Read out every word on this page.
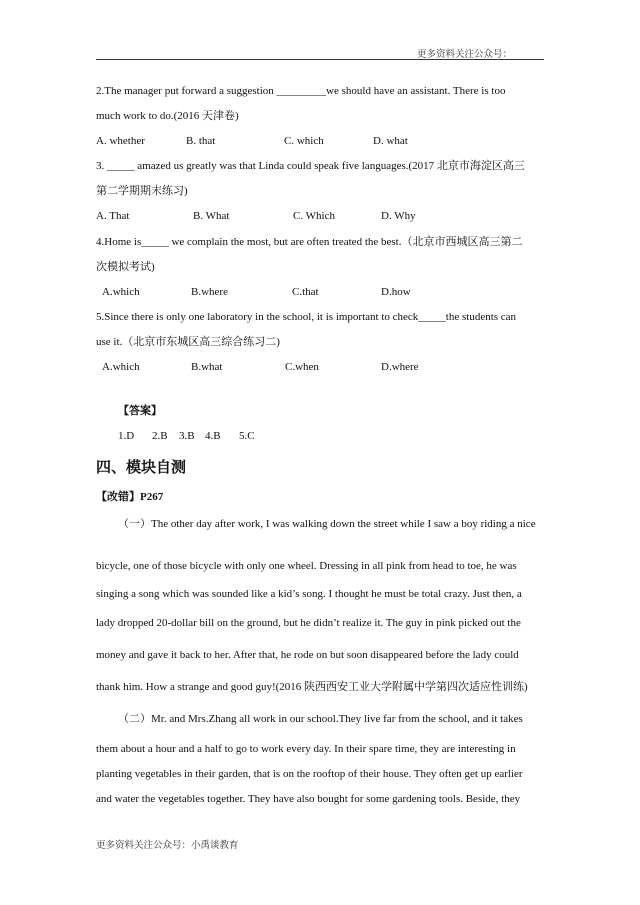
更多资料关注公众号：
2.The manager put forward a suggestion _________we should have an assistant. There is too
much work to do.(2016 天津卷)
A. whether	B. that	C. which	D. what
3. _____ amazed us greatly was that Linda could speak five languages.(2017 北京市海淀区高三
第二学期期末练习)
A. That	B. What	C. Which	D. Why
4.Home is_____ we complain the most, but are often treated the best.（北京市西城区高三第二
次模拟考试)
A.which	B.where	C.that	D.how
5.Since there is only one laboratory in the school, it is important to check_____the students can
use it.（北京市东城区高三综合练习二)
A.which	B.what	C.when	D.where
【答案】
1.D 2.B 3.B 4.B 5.C
四、模块自测
【改错】P267
（一）The other day after work, I was walking down the street while I saw a boy riding a nice
bicycle, one of those bicycle with only one wheel. Dressing in all pink from head to toe, he was
singing a song which was sounded like a kid’s song. I thought he must be total crazy. Just then, a
lady dropped 20-dollar bill on the ground, but he didn’t realize it. The guy in pink picked out the
money and gave it back to her. After that, he rode on but soon disappeared before the lady could
thank him. How a strange and good guy!(2016 陕西西安工业大学附属中学第四次适应性训练)
（二）Mr. and Mrs.Zhang all work in our school.They live far from the school, and it takes
them about a hour and a half to go to work every day. In their spare time, they are interesting in
planting vegetables in their garden, that is on the rooftop of their house. They often get up earlier
and water the vegetables together. They have also bought for some gardening tools. Beside, they
更多资料关注公众号：小禹谈教育
